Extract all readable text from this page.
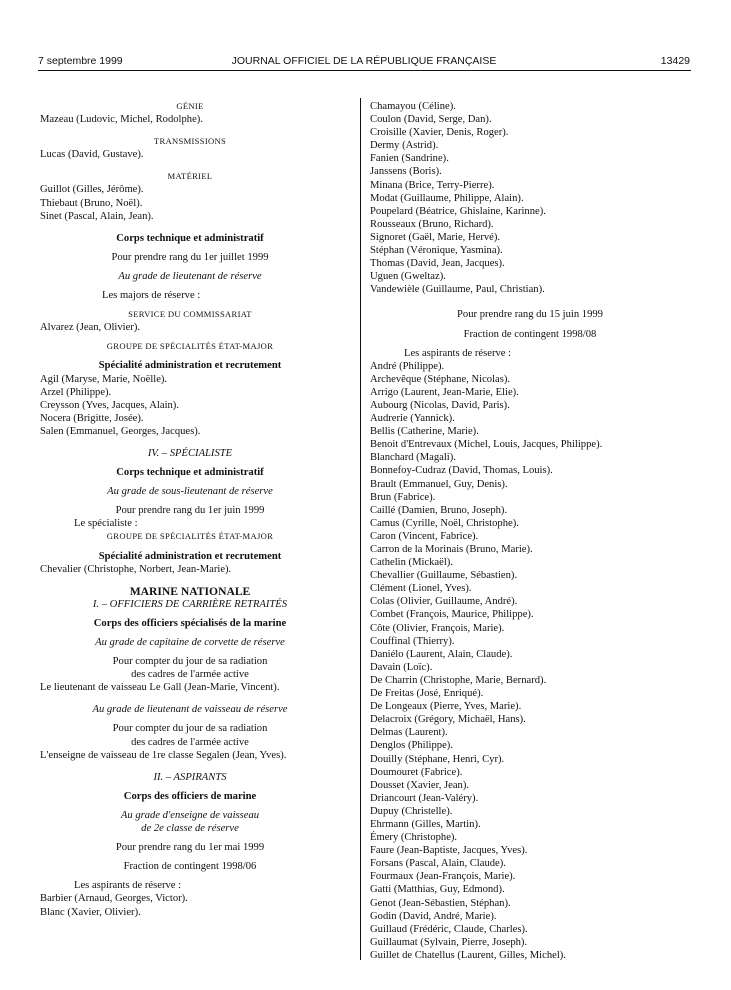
7 septembre 1999	JOURNAL OFFICIEL DE LA RÉPUBLIQUE FRANÇAISE	13429
GÉNIE
Mazeau (Ludovic, Michel, Rodolphe).
TRANSMISSIONS
Lucas (David, Gustave).
MATÉRIEL
Guillot (Gilles, Jérôme).
Thiebaut (Bruno, Noël).
Sinet (Pascal, Alain, Jean).
Corps technique et administratif
Pour prendre rang du 1er juillet 1999
Au grade de lieutenant de réserve
Les majors de réserve :
SERVICE DU COMMISSARIAT
Alvarez (Jean, Olivier).
GROUPE DE SPÉCIALITÉS ÉTAT-MAJOR
Spécialité administration et recrutement
Agil (Maryse, Marie, Noëlle).
Arzel (Philippe).
Creysson (Yves, Jacques, Alain).
Nocera (Brigitte, Josée).
Salen (Emmanuel, Georges, Jacques).
IV. – SPÉCIALISTE
Corps technique et administratif
Au grade de sous-lieutenant de réserve
Pour prendre rang du 1er juin 1999
Le spécialiste :
GROUPE DE SPÉCIALITÉS ÉTAT-MAJOR
Spécialité administration et recrutement
Chevalier (Christophe, Norbert, Jean-Marie).
MARINE NATIONALE
I. – OFFICIERS DE CARRIÈRE RETRAITÉS
Corps des officiers spécialisés de la marine
Au grade de capitaine de corvette de réserve
Pour compter du jour de sa radiation
des cadres de l'armée active
Le lieutenant de vaisseau Le Gall (Jean-Marie, Vincent).
Au grade de lieutenant de vaisseau de réserve
Pour compter du jour de sa radiation
des cadres de l'armée active
L'enseigne de vaisseau de 1re classe Segalen (Jean, Yves).
II. – ASPIRANTS
Corps des officiers de marine
Au grade d'enseigne de vaisseau
de 2e classe de réserve
Pour prendre rang du 1er mai 1999
Fraction de contingent 1998/06
Les aspirants de réserve :
Barbier (Arnaud, Georges, Victor).
Blanc (Xavier, Olivier).
Chamayou (Céline).
Coulon (David, Serge, Dan).
Croisille (Xavier, Denis, Roger).
Dermy (Astrid).
Fanien (Sandrine).
Janssens (Boris).
Minana (Brice, Terry-Pierre).
Modat (Guillaume, Philippe, Alain).
Poupelard (Béatrice, Ghislaine, Karinne).
Rousseaux (Bruno, Richard).
Signoret (Gaël, Marie, Hervé).
Stéphan (Véronique, Yasmina).
Thomas (David, Jean, Jacques).
Uguen (Gweltaz).
Vandewièle (Guillaume, Paul, Christian).
Pour prendre rang du 15 juin 1999
Fraction de contingent 1998/08
Les aspirants de réserve :
André (Philippe).
Archevêque (Stéphane, Nicolas).
Arrigo (Laurent, Jean-Marie, Elie).
Aubourg (Nicolas, David, Paris).
Audrerie (Yannick).
Bellis (Catherine, Marie).
Benoit d'Entrevaux (Michel, Louis, Jacques, Philippe).
Blanchard (Magali).
Bonnefoy-Cudraz (David, Thomas, Louis).
Brault (Emmanuel, Guy, Denis).
Brun (Fabrice).
Caillé (Damien, Bruno, Joseph).
Camus (Cyrille, Noël, Christophe).
Caron (Vincent, Fabrice).
Carron de la Morinais (Bruno, Marie).
Cathelin (Mickaël).
Chevallier (Guillaume, Sébastien).
Clément (Lionel, Yves).
Colas (Olivier, Guillaume, André).
Combet (François, Maurice, Philippe).
Côte (Olivier, François, Marie).
Couffinal (Thierry).
Daniélo (Laurent, Alain, Claude).
Davain (Loïc).
De Charrin (Christophe, Marie, Bernard).
De Freitas (José, Enriqué).
De Longeaux (Pierre, Yves, Marie).
Delacroix (Grégory, Michaël, Hans).
Delmas (Laurent).
Denglos (Philippe).
Douilly (Stéphane, Henri, Cyr).
Doumouret (Fabrice).
Dousset (Xavier, Jean).
Driancourt (Jean-Valéry).
Dupuy (Christelle).
Ehrmann (Gilles, Martin).
Émery (Christophe).
Faure (Jean-Baptiste, Jacques, Yves).
Forsans (Pascal, Alain, Claude).
Fourmaux (Jean-François, Marie).
Gatti (Matthias, Guy, Edmond).
Genot (Jean-Sébastien, Stéphan).
Godin (David, André, Marie).
Guillaud (Frédéric, Claude, Charles).
Guillaumat (Sylvain, Pierre, Joseph).
Guillet de Chatellus (Laurent, Gilles, Michel).
